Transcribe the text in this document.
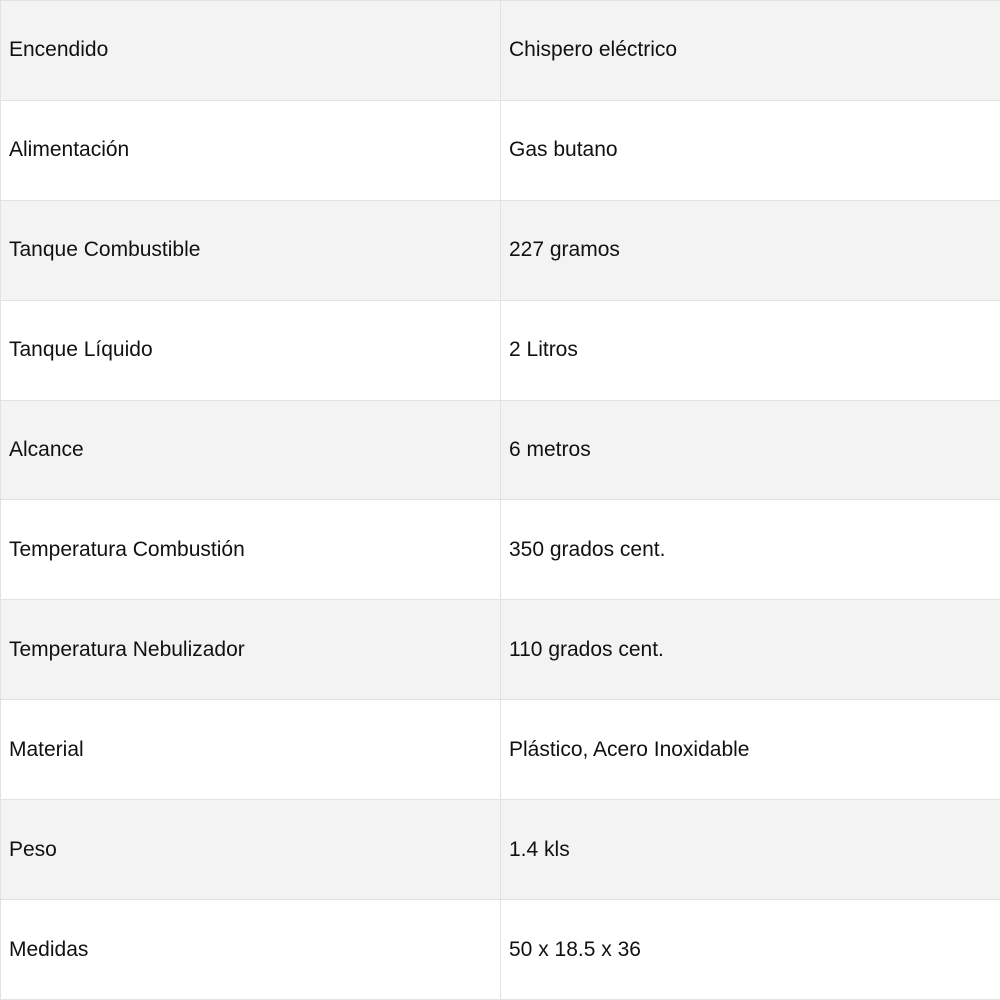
Encendido	Chispero eléctrico
Alimentación	Gas butano
Tanque Combustible	227 gramos
Tanque Líquido	2 Litros
Alcance	6 metros
Temperatura Combustión	350 grados cent.
Temperatura Nebulizador	110 grados cent.
Material	Plástico, Acero Inoxidable
Peso	1.4 kls
Medidas	50 x 18.5 x 36
